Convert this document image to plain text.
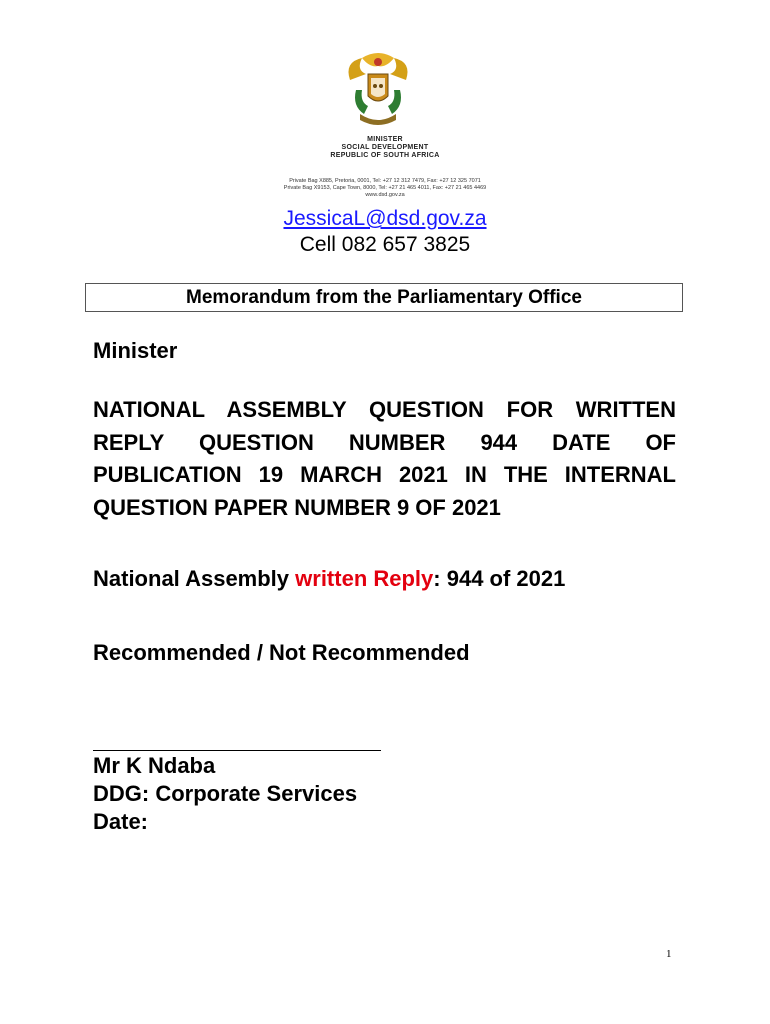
MINISTER
SOCIAL DEVELOPMENT
REPUBLIC OF SOUTH AFRICA
Private Bag X885, Pretoria, 0001, Tel: +27 12 312 7479, Fax: +27 12 325 7071
Private Bag X9153, Cape Town, 8000, Tel: +27 21 465 4011, Fax: +27 21 465 4469
www.dsd.gov.za
JessicaL@dsd.gov.za
Cell 082 657 3825
Memorandum from the Parliamentary Office
Minister
NATIONAL ASSEMBLY QUESTION FOR WRITTEN REPLY QUESTION NUMBER 944 DATE OF PUBLICATION 19 MARCH 2021 IN THE INTERNAL QUESTION PAPER NUMBER 9 OF 2021
National Assembly written Reply: 944 of 2021
Recommended / Not Recommended
Mr K Ndaba
DDG: Corporate Services
Date:
1
